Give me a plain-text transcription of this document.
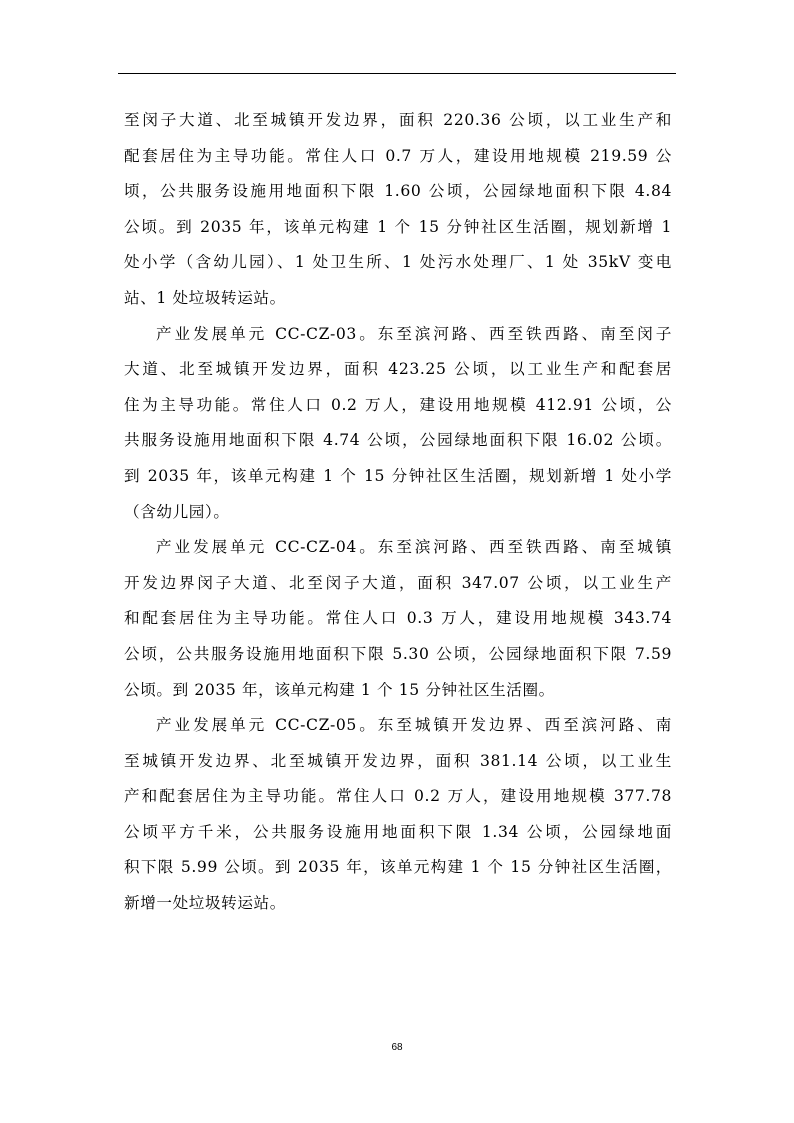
至闵子大道、北至城镇开发边界，面积 220.36 公顷，以工业生产和
配套居住为主导功能。常住人口 0.7 万人，建设用地规模 219.59 公
顷，公共服务设施用地面积下限 1.60 公顷，公园绿地面积下限 4.84
公顷。到 2035 年，该单元构建 1 个 15 分钟社区生活圈，规划新增 1
处小学（含幼儿园）、1 处卫生所、1 处污水处理厂、1 处 35kV 变电
站、1 处垃圾转运站。
产业发展单元 CC-CZ-03。东至滨河路、西至铁西路、南至闵子
大道、北至城镇开发边界，面积 423.25 公顷，以工业生产和配套居
住为主导功能。常住人口 0.2 万人，建设用地规模 412.91 公顷，公
共服务设施用地面积下限 4.74 公顷，公园绿地面积下限 16.02 公顷。
到 2035 年，该单元构建 1 个 15 分钟社区生活圈，规划新增 1 处小学
（含幼儿园）。
产业发展单元 CC-CZ-04。东至滨河路、西至铁西路、南至城镇
开发边界闵子大道、北至闵子大道，面积 347.07 公顷，以工业生产
和配套居住为主导功能。常住人口 0.3 万人，建设用地规模 343.74
公顷，公共服务设施用地面积下限 5.30 公顷，公园绿地面积下限 7.59
公顷。到 2035 年，该单元构建 1 个 15 分钟社区生活圈。
产业发展单元 CC-CZ-05。东至城镇开发边界、西至滨河路、南
至城镇开发边界、北至城镇开发边界，面积 381.14 公顷，以工业生
产和配套居住为主导功能。常住人口 0.2 万人，建设用地规模 377.78
公顷平方千米，公共服务设施用地面积下限 1.34 公顷，公园绿地面
积下限 5.99 公顷。到 2035 年，该单元构建 1 个 15 分钟社区生活圈，
新增一处垃圾转运站。
68
